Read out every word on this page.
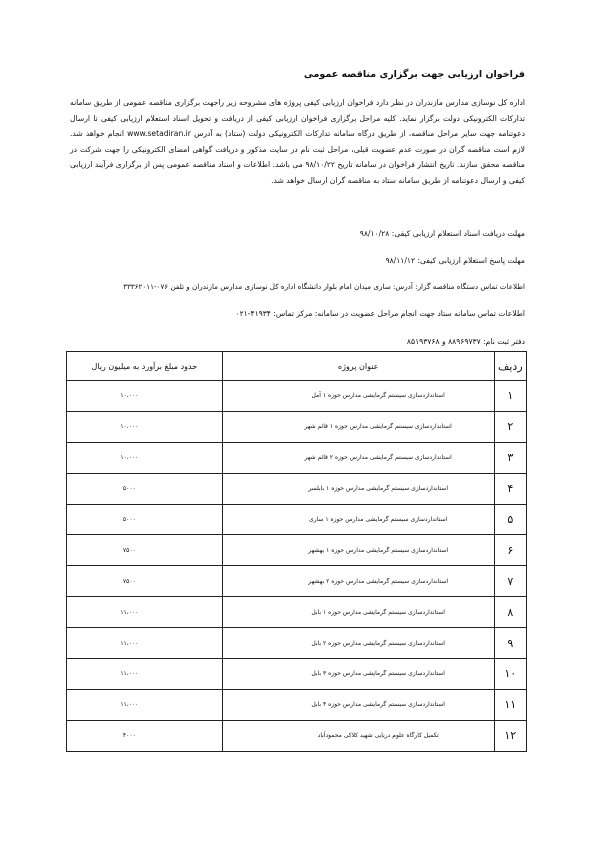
فراخوان ارزیابی جهت برگزاری مناقصه عمومی
اداره کل نوسازی مدارس مازندران در نظر دارد فراخوان ارزیابی کیفی پروژه های مشروحه زیر راجهت برگزاری مناقصه عمومی از طریق سامانه تدارکات الکترونیکی دولت برگزار نماید. کلیه مراحل برگزاری فراخوان ارزیابی کیفی از دریافت و تحویل اسناد استعلام ارزیابی کیفی تا ارسال دعوتنامه جهت سایر مراحل مناقصه، از طریق درگاه سامانه تدارکات الکترونیکی دولت (ستاد) به آدرس www.setadiran.ir انجام خواهد شد. لازم است مناقصه گران در صورت عدم عضویت قبلی، مراحل ثبت نام در سایت مذکور و دریافت گواهی امضای الکترونیکی را جهت شرکت در مناقصه محقق سازند. تاریخ انتشار فراخوان در سامانه تاریخ ۹۸/۱۰/۲۲ می باشد. اطلاعات و اسناد مناقصه عمومی پس از برگزاری فرآیند ارزیابی کیفی و ارسال دعوتنامه از طریق سامانه ستاد به مناقصه گران ارسال خواهد شد.
مهلت دریافت اسناد استعلام ارزیابی کیفی: ۹۸/۱۰/۲۸
مهلت پاسخ استعلام ارزیابی کیفی: ۹۸/۱۱/۱۲
اطلاعات تماس دستگاه مناقصه گزار: آدرس: ساری میدان امام بلوار دانشگاه اداره کل نوسازی مدارس مازندران و تلفن ۰۷۶-۳۳۳۶۲۰۱۱
اطلاعات تماس سامانه ستاد جهت انجام مراحل عضویت در سامانه: مرکز تماس: ۴۱۹۳۴-۰۲۱
ردیف	عنوان پروژه	حدود مبلغ برآورد به میلیون ریال
۱	استانداردسازی سیستم گرمایشی مدارس حوزه ۱ آمل	۱۰،۰۰۰
۲	استانداردسازی سیستم گرمایشی مدارس حوزه ۱ قائم شهر	۱۰،۰۰۰
۳	استانداردسازی سیستم گرمایشی مدارس حوزه ۲ قائم شهر	۱۰،۰۰۰
۴	استانداردسازی سیستم گرمایشی مدارس حوزه ۱ بابلسر	۵۰۰۰
۵	استانداردسازی سیستم گرمایشی مدارس حوزه ۱ ساری	۵۰۰۰
۶	استانداردسازی سیستم گرمایشی مدارس حوزه ۱ بهشهر	۷۵۰۰
۷	استانداردسازی سیستم گرمایشی مدارس حوزه ۲ بهشهر	۷۵۰۰
۸	استانداردسازی سیستم گرمایشی مدارس حوزه ۱ بابل	۱۱،۰۰۰
۹	استانداردسازی سیستم گرمایشی مدارس حوزه ۲ بابل	۱۱،۰۰۰
۱۰	استانداردسازی سیستم گرمایشی مدارس حوزه ۳ بابل	۱۱،۰۰۰
۱۱	استانداردسازی سیستم گرمایشی مدارس حوزه ۴ بابل	۱۱،۰۰۰
۱۲	تکمیل کارگاه علوم دریایی شهید کلاکی محمودآباد	۴۰۰۰
دفتر ثبت نام: ۸۸۹۶۹۷۳۷ و ۸۵۱۹۳۷۶۸
